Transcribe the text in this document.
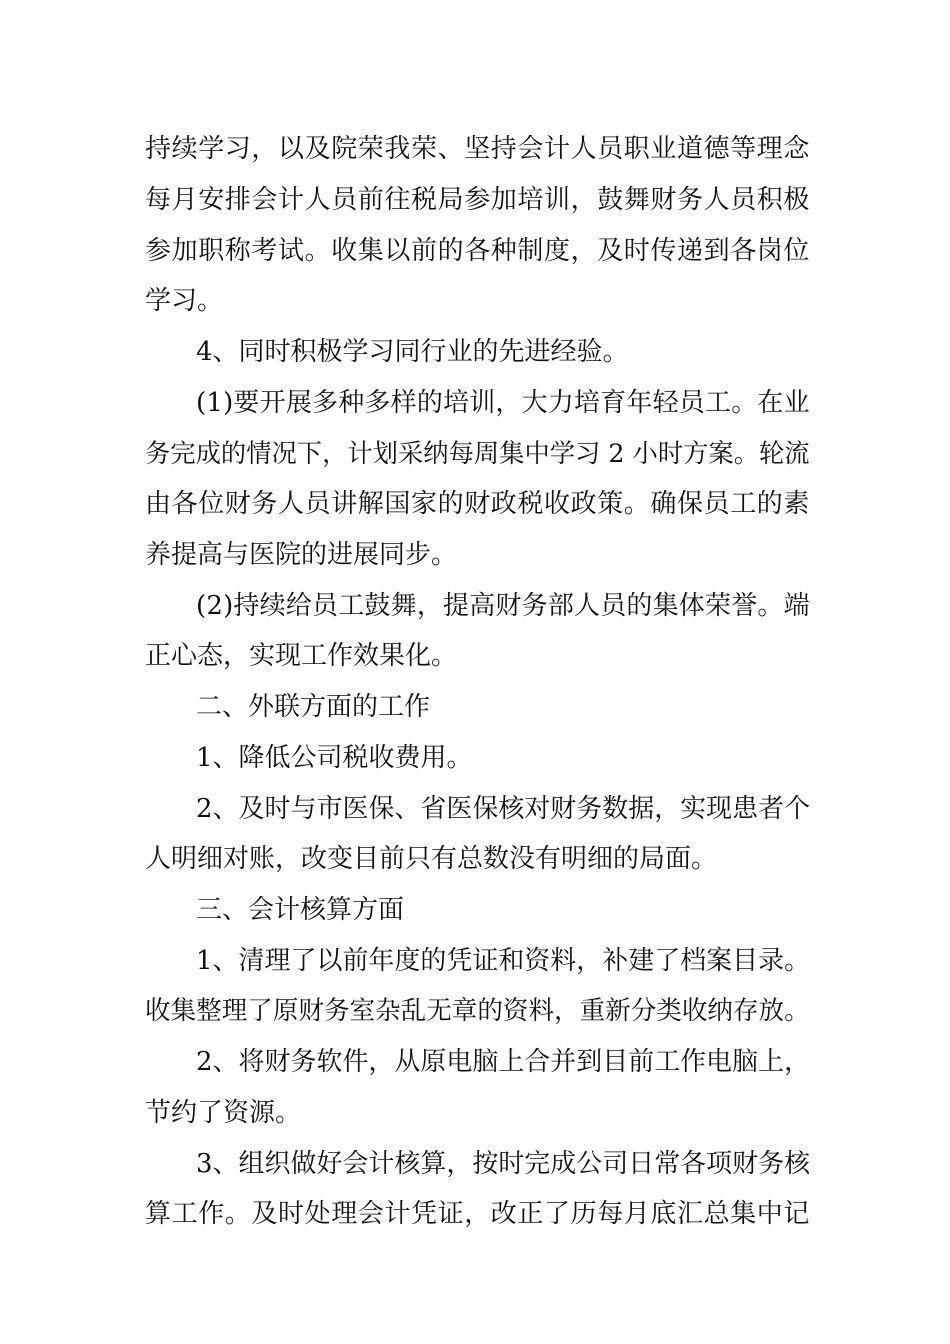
持续学习，以及院荣我荣、坚持会计人员职业道德等理念
每月安排会计人员前往税局参加培训，鼓舞财务人员积极
参加职称考试。收集以前的各种制度，及时传递到各岗位
学习。
4、同时积极学习同行业的先进经验。
(1)要开展多种多样的培训，大力培育年轻员工。在业
务完成的情况下，计划采纳每周集中学习 2 小时方案。轮流
由各位财务人员讲解国家的财政税收政策。确保员工的素
养提高与医院的进展同步。
(2)持续给员工鼓舞，提高财务部人员的集体荣誉。端
正心态，实现工作效果化。
二、外联方面的工作
1、降低公司税收费用。
2、及时与市医保、省医保核对财务数据，实现患者个
人明细对账，改变目前只有总数没有明细的局面。
三、会计核算方面
1、清理了以前年度的凭证和资料，补建了档案目录。
收集整理了原财务室杂乱无章的资料，重新分类收纳存放。
2、将财务软件，从原电脑上合并到目前工作电脑上，
节约了资源。
3、组织做好会计核算，按时完成公司日常各项财务核
算工作。及时处理会计凭证，改正了历每月底汇总集中记
